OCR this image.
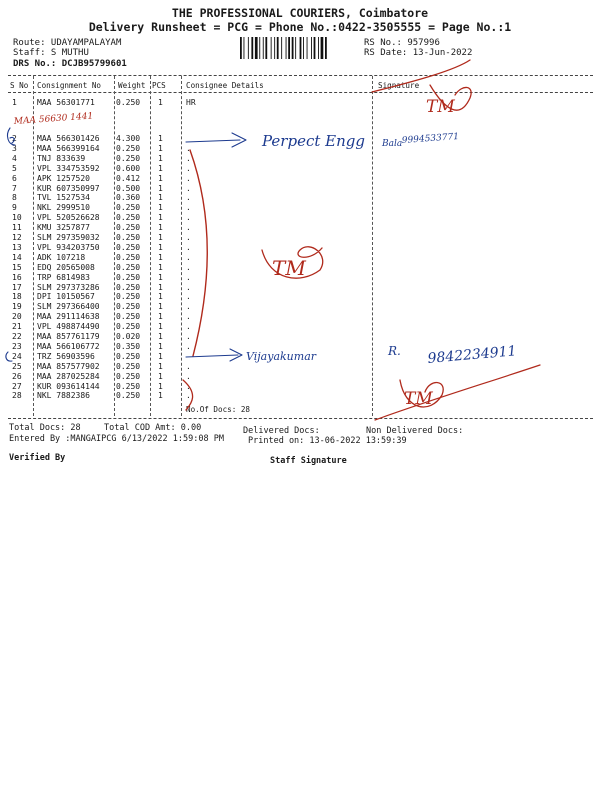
THE PROFESSIONAL COURIERS, Coimbatore
Delivery Runsheet = PCG = Phone No.:0422-3505555 = Page No.:1
Route: UDAYAMPALAYAM
Staff: S MUTHU
DRS No.: DCJB95799601
RS No.: 957996
RS Date: 13-Jun-2022
S No Consignment No Weight PCS	Consignee Details	Signature
1	MAA 56301771	0.250 1	HR
2	MAA 566301426 4.300 1
3	MAA 566399164 0.250 1	.
4	TNJ 833639	0.250 1	.
5	VPL 334753592 0.600 1	.
6	APK 1257520	0.412 1	.
7	KUR 607350997 0.500 1	.
8	TVL 1527534	0.360 1	.
9	NKL 2999510	0.250 1	.
10 VPL 520526628 0.250 1	.
11 KMU 3257877	0.250 1	.
12 SLM 297359032 0.250 1	.
13 VPL 934203750 0.250 1	.
14 ADK 107218	0.250 1	.
15 EDQ 20565008	0.250 1	.
16 TRP 6814983	0.250 1	.
17 SLM 297373286 0.250 1	.
18 DPI 10150567	0.250 1	.
19 SLM 297366400 0.250 1	.
20 MAA 291114638 0.250 1	.
21 VPL 498874490 0.250 1	.
22 MAA 857761179 0.020 1	.
23 MAA 566106772 0.350 1	.
24 TRZ 56903596	0.250 1
25 MAA 857577902 0.250 1	.
26 MAA 287025284 0.250 1	.
27 KUR 093614144 0.250 1	.
28 NKL 7882386	0.250 1	.
No.Of Docs: 28
Total Docs: 28	Total COD Amt: 0.00	Delivered Docs:	Non Delivered Docs:
Entered By :MANGAIPCG 6/13/2022 1:59:08 PM	Printed on: 13-06-2022 13:59:39
Verified By	Staff Signature
MAA 56630 1441
Perpect Engg Bala 9994533771
TM
TM
Vijayakumar	R. 9842234911
TM
